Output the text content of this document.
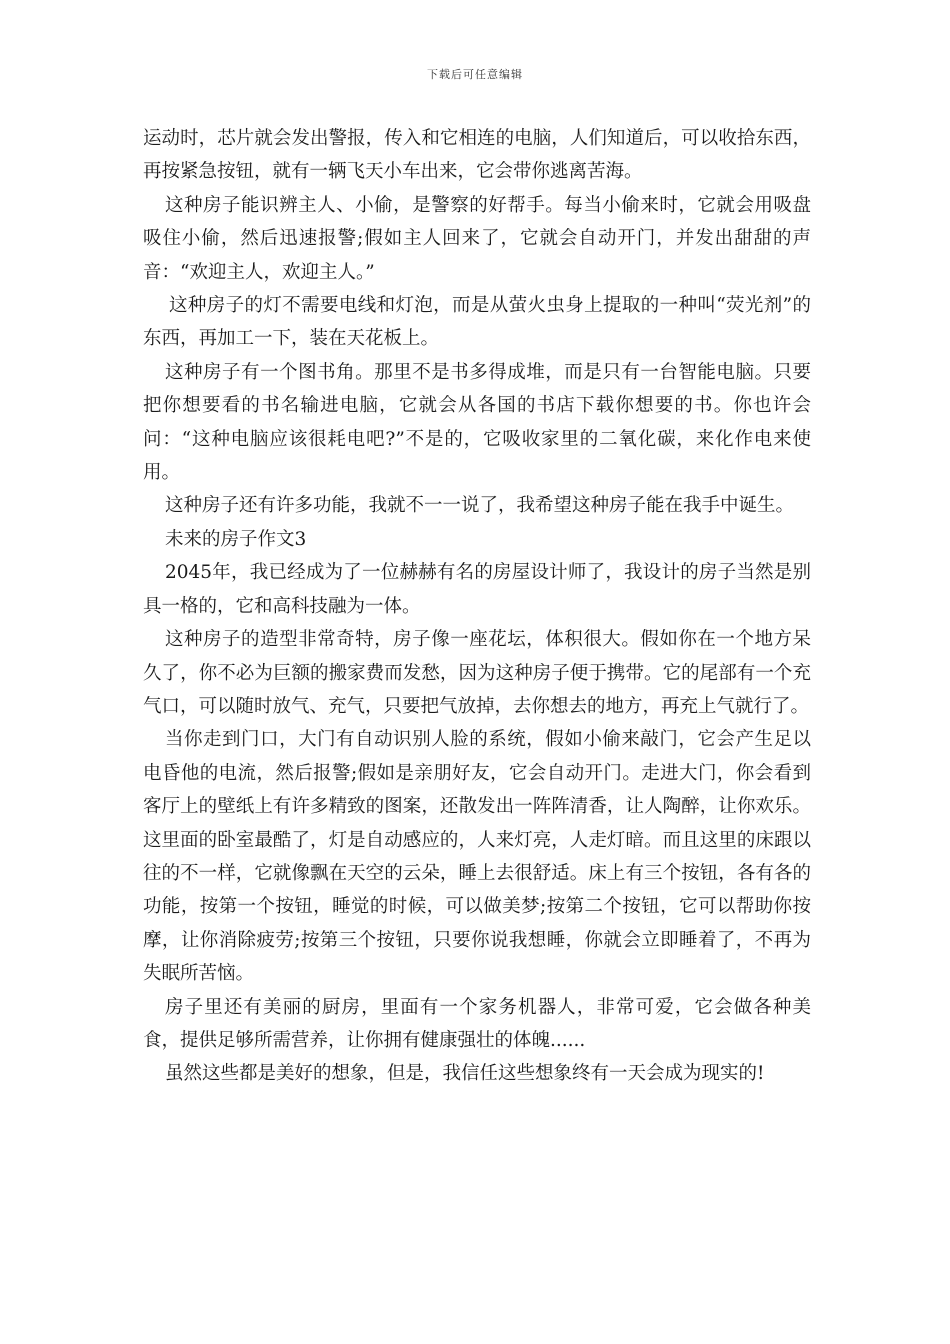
下载后可任意编辑

运动时，芯片就会发出警报，传入和它相连的电脑，人们知道后，可以收拾东西，再按紧急按钮，就有一辆飞天小车出来，它会带你逃离苦海。

这种房子能识辨主人、小偷，是警察的好帮手。每当小偷来时，它就会用吸盘吸住小偷，然后迅速报警;假如主人回来了，它就会自动开门，并发出甜甜的声音：“欢迎主人，欢迎主人。”

这种房子的灯不需要电线和灯泡，而是从萤火虫身上提取的一种叫“荧光剂”的东西，再加工一下，装在天花板上。

这种房子有一个图书角。那里不是书多得成堆，而是只有一台智能电脑。只要把你想要看的书名输进电脑，它就会从各国的书店下载你想要的书。你也许会问：“这种电脑应该很耗电吧?”不是的，它吸收家里的二氧化碳，来化作电来使用。

这种房子还有许多功能，我就不一一说了，我希望这种房子能在我手中诞生。

未来的房子作文3

2045年，我已经成为了一位赫赫有名的房屋设计师了，我设计的房子当然是别具一格的，它和高科技融为一体。

这种房子的造型非常奇特，房子像一座花坛，体积很大。假如你在一个地方呆久了，你不必为巨额的搬家费而发愁，因为这种房子便于携带。它的尾部有一个充气口，可以随时放气、充气，只要把气放掉，去你想去的地方，再充上气就行了。

当你走到门口，大门有自动识别人脸的系统，假如小偷来敲门，它会产生足以电昏他的电流，然后报警;假如是亲朋好友，它会自动开门。走进大门，你会看到客厅上的壁纸上有许多精致的图案，还散发出一阵阵清香，让人陶醉，让你欢乐。这里面的卧室最酷了，灯是自动感应的，人来灯亮，人走灯暗。而且这里的床跟以往的不一样，它就像飘在天空的云朵，睡上去很舒适。床上有三个按钮，各有各的功能，按第一个按钮，睡觉的时候，可以做美梦;按第二个按钮，它可以帮助你按摩，让你消除疲劳;按第三个按钮，只要你说我想睡，你就会立即睡着了，不再为失眠所苦恼。

房子里还有美丽的厨房，里面有一个家务机器人，非常可爱，它会做各种美食，提供足够所需营养，让你拥有健康强壮的体魄......

虽然这些都是美好的想象，但是，我信任这些想象终有一天会成为现实的!
